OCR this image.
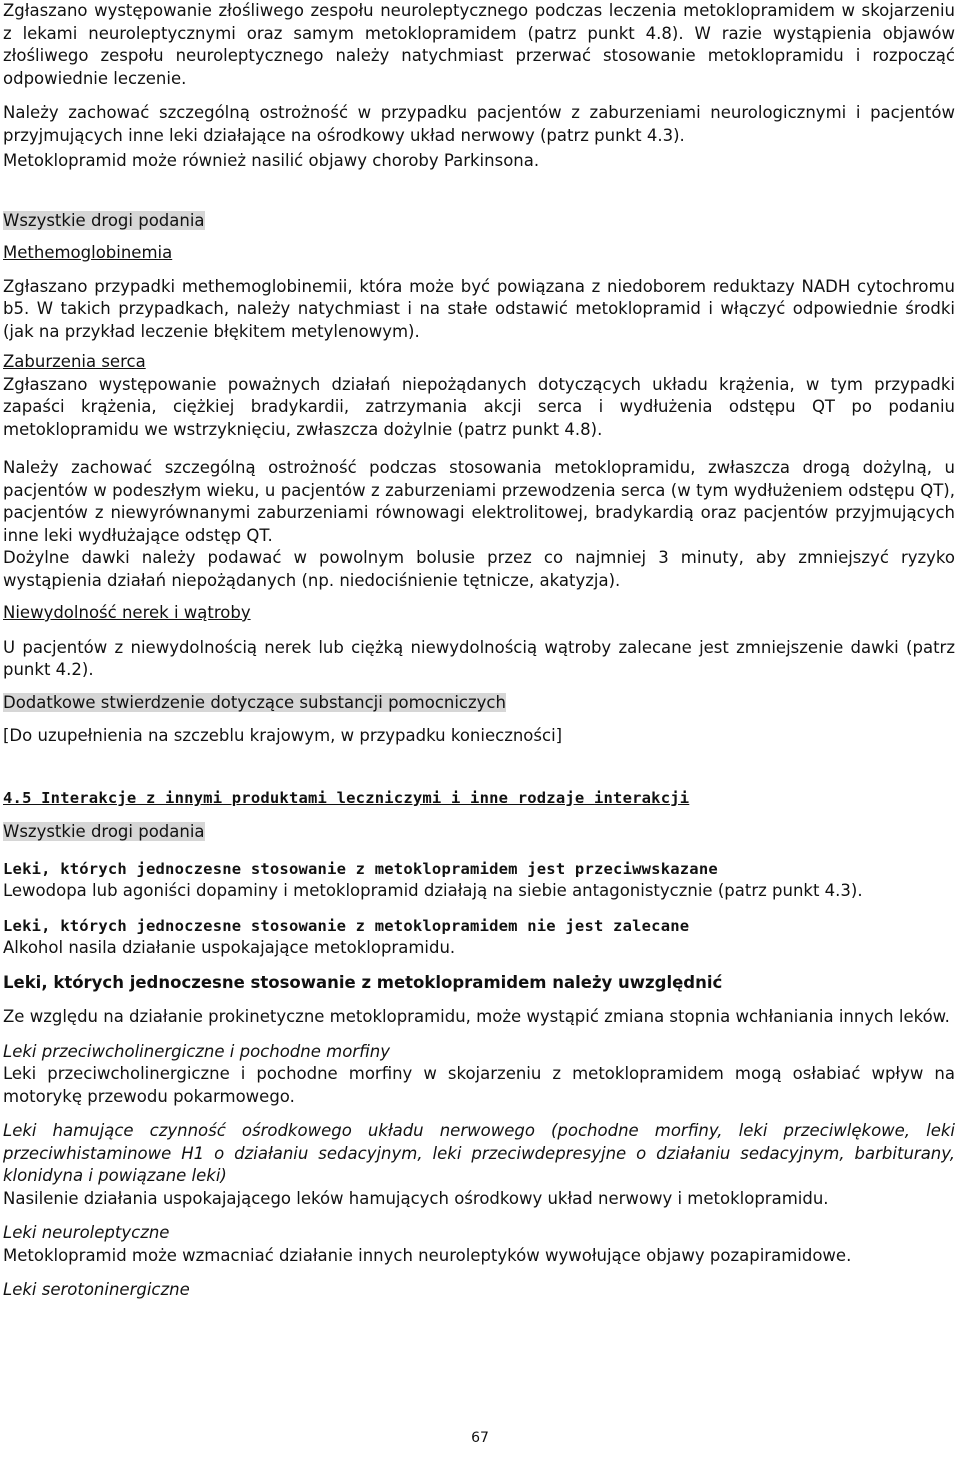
Zgłaszano występowanie złośliwego zespołu neuroleptycznego podczas leczenia metoklopramidem w skojarzeniu z lekami neuroleptycznymi oraz samym metoklopramidem (patrz punkt 4.8). W razie wystąpienia objawów złośliwego zespołu neuroleptycznego należy natychmiast przerwać stosowanie metoklopramidu i rozpocząć odpowiednie leczenie.

Należy zachować szczególną ostrożność w przypadku pacjentów z zaburzeniami neurologicznymi i pacjentów przyjmujących inne leki działające na ośrodkowy układ nerwowy (patrz punkt 4.3).

Metoklopramid może również nasilić objawy choroby Parkinsona.

Wszystkie drogi podania

Methemoglobinemia

Zgłaszano przypadki methemoglobinemii, która może być powiązana z niedoborem reduktazy NADH cytochromu b5. W takich przypadkach, należy natychmiast i na stałe odstawić metoklopramid i włączyć odpowiednie środki (jak na przykład leczenie błękitem metylenowym).

Zaburzenia serca

Zgłaszano występowanie poważnych działań niepożądanych dotyczących układu krążenia, w tym przypadki zapaści krążenia, ciężkiej bradykardii, zatrzymania akcji serca i wydłużenia odstępu QT po podaniu metoklopramidu we wstrzyknięciu, zwłaszcza dożylnie (patrz punkt 4.8).

Należy zachować szczególną ostrożność podczas stosowania metoklopramidu, zwłaszcza drogą dożylną, u pacjentów w podeszłym wieku, u pacjentów z zaburzeniami przewodzenia serca (w tym wydłużeniem odstępu QT), pacjentów z niewyrównanymi zaburzeniami równowagi elektrolitowej, bradykardią oraz pacjentów przyjmujących inne leki wydłużające odstęp QT.

Dożylne dawki należy podawać w powolnym bolusie przez co najmniej 3 minuty, aby zmniejszyć ryzyko wystąpienia działań niepożądanych (np. niedociśnienie tętnicze, akatyzja).

Niewydolność nerek i wątroby

U pacjentów z niewydolnością nerek lub ciężką niewydolnością wątroby zalecane jest zmniejszenie dawki (patrz punkt 4.2).

Dodatkowe stwierdzenie dotyczące substancji pomocniczych

[Do uzupełnienia na szczeblu krajowym, w przypadku konieczności]

4.5 Interakcje z innymi produktami leczniczymi i inne rodzaje interakcji

Wszystkie drogi podania

Leki, których jednoczesne stosowanie z metoklopramidem jest przeciwwskazane

Lewodopa lub agoniści dopaminy i metoklopramid działają na siebie antagonistycznie (patrz punkt 4.3).

Leki, których jednoczesne stosowanie z metoklopramidem nie jest zalecane

Alkohol nasila działanie uspokajające metoklopramidu.

Leki, których jednoczesne stosowanie z metoklopramidem należy uwzględnić

Ze względu na działanie prokinetyczne metoklopramidu, może wystąpić zmiana stopnia wchłaniania innych leków.

Leki przeciwcholinergiczne i pochodne morfiny

Leki przeciwcholinergiczne i pochodne morfiny w skojarzeniu z metoklopramidem mogą osłabiać wpływ na motorykę przewodu pokarmowego.

Leki hamujące czynność ośrodkowego układu nerwowego (pochodne morfiny, leki przeciwlękowe, leki przeciwhistaminowe H1 o działaniu sedacyjnym, leki przeciwdepresyjne o działaniu sedacyjnym, barbiturany, klonidyna i powiązane leki)

Nasilenie działania uspokajającego leków hamujących ośrodkowy układ nerwowy i metoklopramidu.

Leki neuroleptyczne

Metoklopramid może wzmacniać działanie innych neuroleptyków wywołujące objawy pozapiramidowe.

Leki serotoninergiczne

67
